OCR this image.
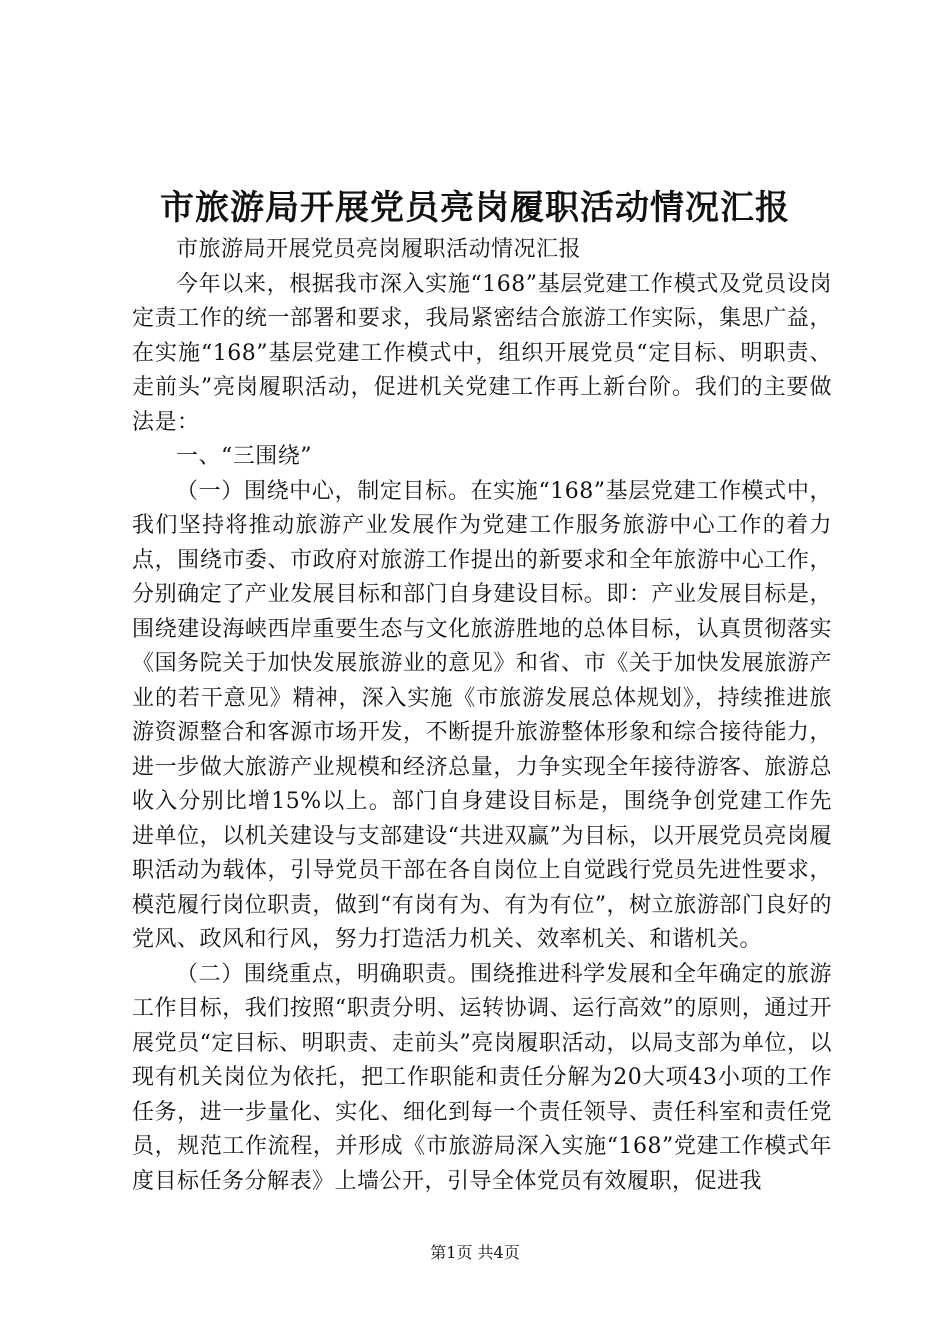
市旅游局开展党员亮岗履职活动情况汇报

市旅游局开展党员亮岗履职活动情况汇报

今年以来，根据我市深入实施“168”基层党建工作模式及党员设岗定责工作的统一部署和要求，我局紧密结合旅游工作实际，集思广益，在实施“168”基层党建工作模式中，组织开展党员“定目标、明职责、走前头”亮岗履职活动，促进机关党建工作再上新台阶。我们的主要做法是：

一、“三围绕”

（一）围绕中心，制定目标。在实施“168”基层党建工作模式中，我们坚持将推动旅游产业发展作为党建工作服务旅游中心工作的着力点，围绕市委、市政府对旅游工作提出的新要求和全年旅游中心工作，分别确定了产业发展目标和部门自身建设目标。即：产业发展目标是，围绕建设海峡西岸重要生态与文化旅游胜地的总体目标，认真贯彻落实《国务院关于加快发展旅游业的意见》和省、市《关于加快发展旅游产业的若干意见》精神，深入实施《市旅游发展总体规划》，持续推进旅游资源整合和客源市场开发，不断提升旅游整体形象和综合接待能力，进一步做大旅游产业规模和经济总量，力争实现全年接待游客、旅游总收入分别比增15%以上。部门自身建设目标是，围绕争创党建工作先进单位，以机关建设与支部建设“共进双赢”为目标，以开展党员亮岗履职活动为载体，引导党员干部在各自岗位上自觉践行党员先进性要求，模范履行岗位职责，做到“有岗有为、有为有位”，树立旅游部门良好的党风、政风和行风，努力打造活力机关、效率机关、和谐机关。

（二）围绕重点，明确职责。围绕推进科学发展和全年确定的旅游工作目标，我们按照“职责分明、运转协调、运行高效”的原则，通过开展党员“定目标、明职责、走前头”亮岗履职活动，以局支部为单位，以现有机关岗位为依托，把工作职能和责任分解为20大项43小项的工作任务，进一步量化、实化、细化到每一个责任领导、责任科室和责任党员，规范工作流程，并形成《市旅游局深入实施“168”党建工作模式年度目标任务分解表》上墙公开，引导全体党员有效履职，促进我

第1页 共4页
